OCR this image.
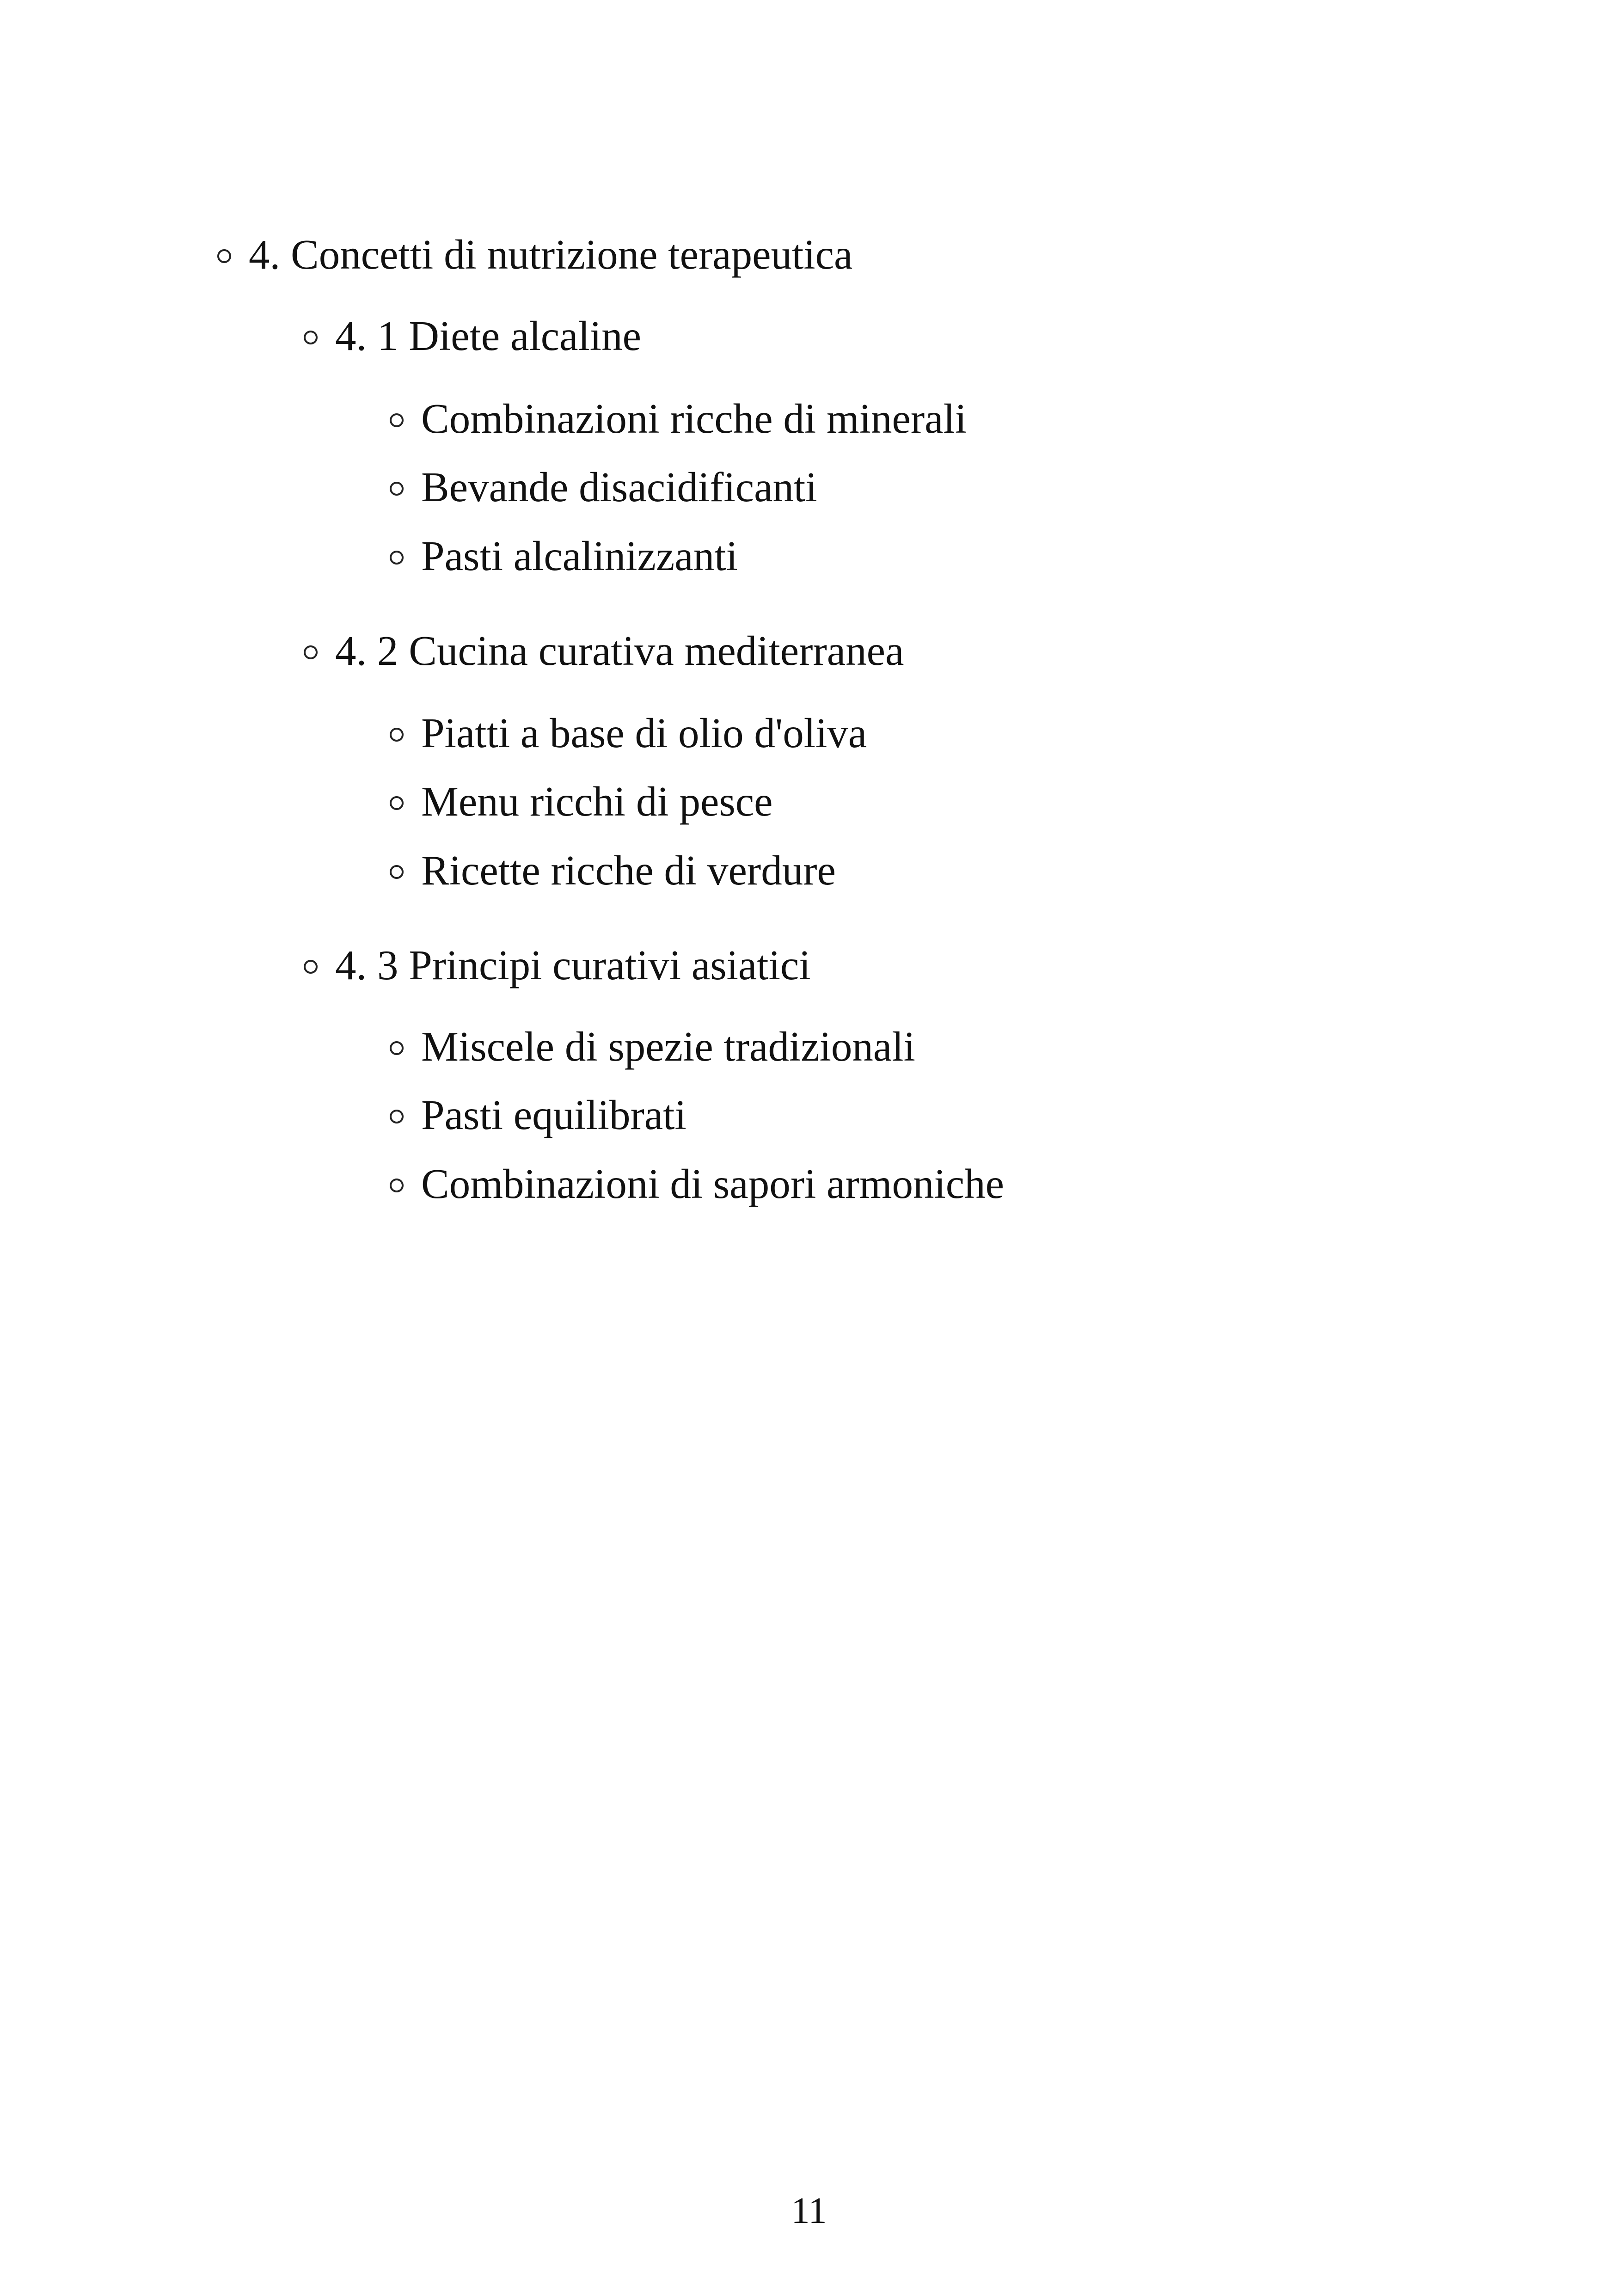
4. Concetti di nutrizione terapeutica
4. 1 Diete alcaline
Combinazioni ricche di minerali
Bevande disacidificanti
Pasti alcalinizzanti
4. 2 Cucina curativa mediterranea
Piatti a base di olio d'oliva
Menu ricchi di pesce
Ricette ricche di verdure
4. 3 Principi curativi asiatici
Miscele di spezie tradizionali
Pasti equilibrati
Combinazioni di sapori armoniche
11
